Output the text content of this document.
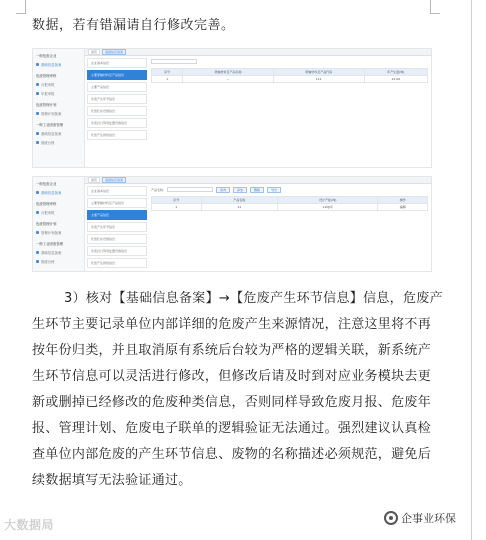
数据，若有错漏请自行修改完善。
一般危废企业
基础信息备案
危废管理审核
月报申报
年报申报
危废管理计划
管理计划备案
一般工业固废管理
基础信息备案
固废台账
首页	基础信息备案
企业基本信息
主要原辅材料及产品信息
主要产品信息
危废产生环节信息
危废贮存设施信息
危废自行利用处置设施信息
危废产生排放信息
序号	原辅材料及产品名称	原辅材料及产品代码	年产生量(吨)
1	—	111	11.00
一般危废企业
基础信息备案
危废管理审核
月报申报
危废管理计划
管理计划备案
一般工业固废管理
基础信息备案
固废台账
首页	基础信息备案
企业基本信息
主要原辅材料及产品信息
主要产品信息
危废产生环节信息
危废贮存设施信息
危废自行利用处置设施信息
危废产生排放信息
产品名称:	查询	添加	删除	导出
序号	产品名称	设计产能(吨)	操作
1	11	11吨/年	编辑
3）核对【基础信息备案】→【危废产生环节信息】信息，危废产生环节主要记录单位内部详细的危废产生来源情况，注意这里将不再按年份归类，并且取消原有系统后台较为严格的逻辑关联，新系统产生环节信息可以灵活进行修改，但修改后请及时到对应业务模块去更新或删掉已经修改的危废种类信息，否则同样导致危废月报、危废年报、管理计划、危废电子联单的逻辑验证无法通过。强烈建议认真检查单位内部危废的产生环节信息、废物的名称描述必须规范，避免后续数据填写无法验证通过。
大数据局	企事业环保
